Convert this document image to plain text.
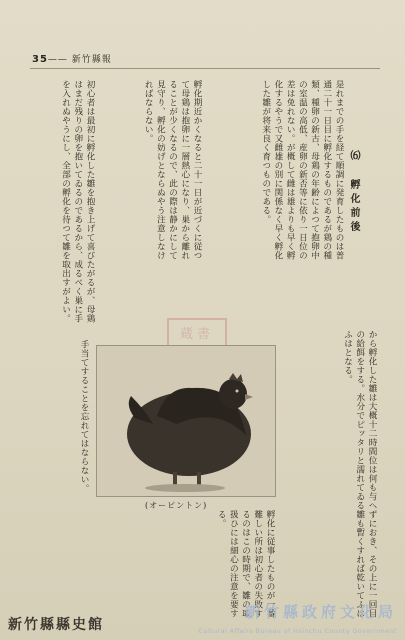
35—— 新竹縣報
⑹ 孵化前後
是れまでの手を経て順調に発育したものは普通二十一日目に孵化するものであるが鶏の種類、種卵の新古、母鶏の年齢によつて抱卵中の室温の高低、産卵の新否等に依り一日位の差は免れない。が概して雌は雄よりも早く孵化するやうで又雌雄の別に関係なく早く孵化した雛が将来良く育つものである。
孵化期近かくなると二十一日が近づくに従つて母鶏は抱卵に一層熱心になり、巣から離れることが少くなるので、此の際は静かにして見守り、孵化の妨げとならぬやう注意しなければならない。
初心者は最初に孵化した雛を抱き上げて喜びたがるが、母鶏はまだ残りの卵を抱いてゐるのであるから、成るべく巣に手を入れぬやうにし、全部の孵化を待つて雛を取出すがよい。
から孵化した雛は大概十二時間位は何も与へずにおき、その上に一回目の給餌をする。水分でピッタリと濡れてゐる雛も暫くすれば乾いてふはふはとなる。
孵化に従事したものが一番難しい所は初心者の失敗するのはこの時期で、雛の取扱ひには細心の注意を要する。
手当てすることを忘れてはならない。
蔵書
(オーピントン)
新竹縣政府文化局
Cultural Affairs Bureau of Hsinchu County Government
新竹縣縣史館
